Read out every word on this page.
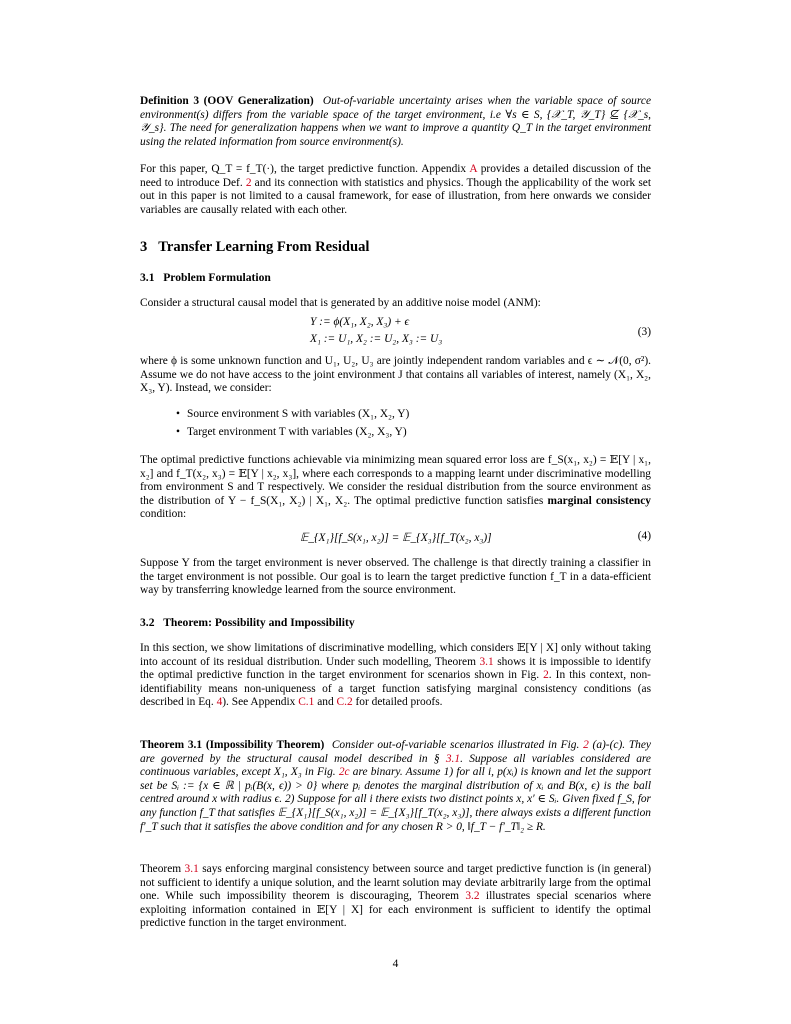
Definition 3 (OOV Generalization) Out-of-variable uncertainty arises when the variable space of source environment(s) differs from the variable space of the target environment, i.e ∀s ∈ S, {𝒳_T, 𝒴_T} ⊈ {𝒳_s, 𝒴_s}. The need for generalization happens when we want to improve a quantity Q_T in the target environment using the related information from source environment(s).

For this paper, Q_T = f_T(·), the target predictive function. Appendix A provides a detailed discussion of the need to introduce Def. 2 and its connection with statistics and physics. Though the applicability of the work set out in this paper is not limited to a causal framework, for ease of illustration, from here onwards we consider variables are causally related with each other.

3 Transfer Learning From Residual
3.1 Problem Formulation

Consider a structural causal model that is generated by an additive noise model (ANM):

Y := ϕ(X₁, X₂, X₃) + ϵ
X₁ := U₁, X₂ := U₂, X₃ := U₃
(3)

where ϕ is some unknown function and U₁, U₂, U₃ are jointly independent random variables and ϵ ∼ 𝒩(0, σ²). Assume we do not have access to the joint environment J that contains all variables of interest, namely (X₁, X₂, X₃, Y). Instead, we consider:

• Source environment S with variables (X₁, X₂, Y)
• Target environment T with variables (X₂, X₃, Y)

The optimal predictive functions achievable via minimizing mean squared error loss are f_S(x₁, x₂) = 𝔼[Y | x₁, x₂] and f_T(x₂, x₃) = 𝔼[Y | x₂, x₃], where each corresponds to a mapping learnt under discriminative modelling from environment S and T respectively. We consider the residual distribution from the source environment as the distribution of Y − f_S(X₁, X₂) | X₁, X₂. The optimal predictive function satisfies marginal consistency condition:

𝔼_{X₁}[f_S(x₁, x₂)] = 𝔼_{X₃}[f_T(x₂, x₃)]	(4)

Suppose Y from the target environment is never observed. The challenge is that directly training a classifier in the target environment is not possible. Our goal is to learn the target predictive function f_T in a data-efficient way by transferring knowledge learned from the source environment.

3.2 Theorem: Possibility and Impossibility

In this section, we show limitations of discriminative modelling, which considers 𝔼[Y | X] only without taking into account of its residual distribution. Under such modelling, Theorem 3.1 shows it is impossible to identify the optimal predictive function in the target environment for scenarios shown in Fig. 2. In this context, non-identifiability means non-uniqueness of a target function satisfying marginal consistency conditions (as described in Eq. 4). See Appendix C.1 and C.2 for detailed proofs.

Theorem 3.1 (Impossibility Theorem) Consider out-of-variable scenarios illustrated in Fig. 2 (a)-(c). They are governed by the structural causal model described in § 3.1. Suppose all variables considered are continuous variables, except X₁, X₃ in Fig. 2c are binary. Assume 1) for all i, p(xᵢ) is known and let the support set be Sᵢ := {x ∈ ℝ | pᵢ(B(x, ϵ)) > 0} where pᵢ denotes the marginal distribution of xᵢ and B(x, ϵ) is the ball centred around x with radius ϵ. 2) Suppose for all i there exists two distinct points x, x′ ∈ Sᵢ. Given fixed f_S, for any function f_T that satisfies 𝔼_{X₁}[f_S(x₁, x₂)] = 𝔼_{X₃}[f_T(x₂, x₃)], there always exists a different function f′_T such that it satisfies the above condition and for any chosen R > 0, ‖f_T − f′_T‖₂ ≥ R.

Theorem 3.1 says enforcing marginal consistency between source and target predictive function is (in general) not sufficient to identify a unique solution, and the learnt solution may deviate arbitrarily large from the optimal one. While such impossibility theorem is discouraging, Theorem 3.2 illustrates special scenarios where exploiting information contained in 𝔼[Y | X] for each environment is sufficient to identify the optimal predictive function in the target environment.

4
